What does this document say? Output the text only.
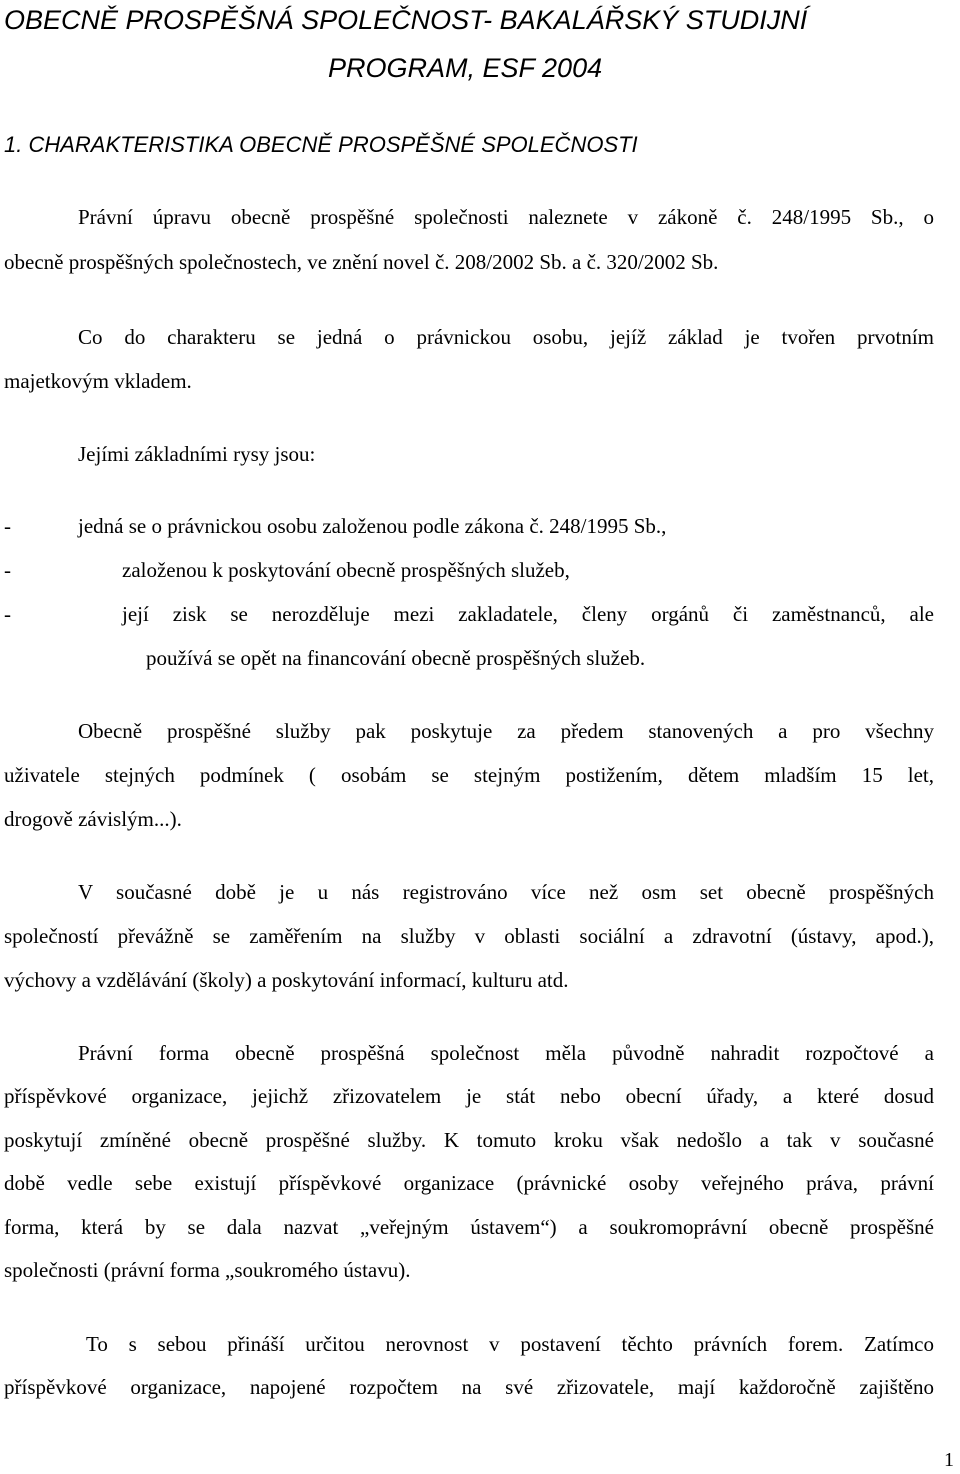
OBECNĚ PROSPĚŠNÁ SPOLEČNOST- BAKALÁŘSKÝ STUDIJNÍ
PROGRAM, ESF 2004
1. CHARAKTERISTIKA OBECNĚ PROSPĚŠNÉ SPOLEČNOSTI
Právní úpravu obecně prospěšné společnosti naleznete v zákoně č. 248/1995 Sb., o
obecně prospěšných společnostech, ve znění novel č. 208/2002 Sb. a č. 320/2002 Sb.
Co do charakteru se jedná o právnickou osobu, jejíž základ je tvořen prvotním
majetkovým vkladem.
Jejími základními rysy jsou:
-	jedná se o právnickou osobu založenou podle zákona č. 248/1995 Sb.,
-	založenou k poskytování obecně prospěšných služeb,
-	její zisk se nerozděluje mezi zakladatele, členy orgánů či zaměstnanců, ale
používá se opět na financování obecně prospěšných služeb.
Obecně prospěšné služby pak poskytuje za předem stanovených a pro všechny
uživatele stejných podmínek ( osobám se stejným postižením, dětem mladším 15 let,
drogově závislým...).
V současné době je u nás registrováno více než osm set obecně prospěšných
společností převážně se zaměřením na služby v oblasti sociální a zdravotní (ústavy, apod.),
výchovy a vzdělávání (školy) a poskytování informací, kulturu atd.
Právní forma obecně prospěšná společnost měla původně nahradit rozpočtové a
příspěvkové organizace, jejichž zřizovatelem je stát nebo obecní úřady, a které dosud
poskytují zmíněné obecně prospěšné služby. K tomuto kroku však nedošlo a tak v současné
době vedle sebe existují příspěvkové organizace (právnické osoby veřejného práva, právní
forma, která by se dala nazvat „veřejným ústavem“) a soukromoprávní obecně prospěšné
společnosti (právní forma „soukromého ústavu).
To s sebou přináší určitou nerovnost v postavení těchto právních forem. Zatímco
příspěvkové organizace, napojené rozpočtem na své zřizovatele, mají každoročně zajištěno
1
